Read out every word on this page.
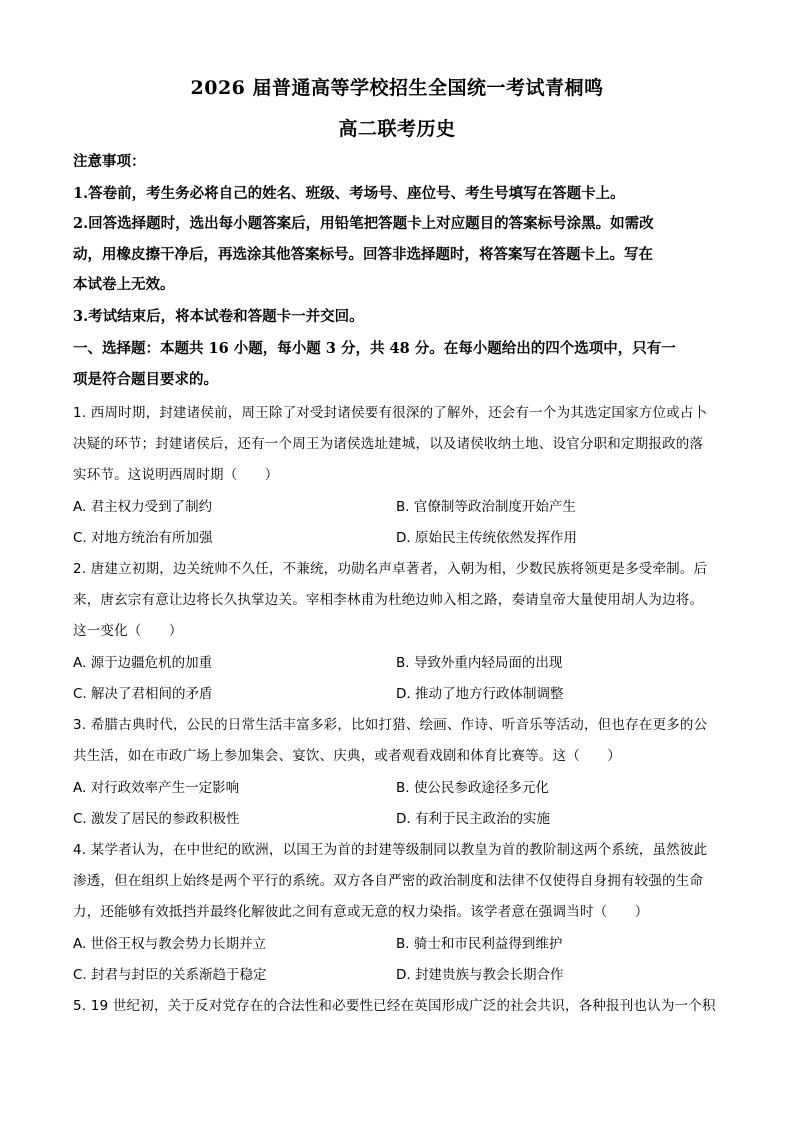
2026 届普通高等学校招生全国统一考试青桐鸣
高二联考历史
注意事项：
1.答卷前，考生务必将自己的姓名、班级、考场号、座位号、考生号填写在答题卡上。
2.回答选择题时，选出每小题答案后，用铅笔把答题卡上对应题目的答案标号涂黑。如需改
动，用橡皮擦干净后，再选涂其他答案标号。回答非选择题时，将答案写在答题卡上。写在
本试卷上无效。
3.考试结束后，将本试卷和答题卡一并交回。
一、选择题：本题共 16 小题，每小题 3 分，共 48 分。在每小题给出的四个选项中，只有一
项是符合题目要求的。
1. 西周时期，封建诸侯前，周王除了对受封诸侯要有很深的了解外，还会有一个为其选定国家方位或占卜
决疑的环节；封建诸侯后，还有一个周王为诸侯选址建城，以及诸侯收纳土地、设官分职和定期报政的落
实环节。这说明西周时期（　　）
A. 君主权力受到了制约	B. 官僚制等政治制度开始产生
C. 对地方统治有所加强	D. 原始民主传统依然发挥作用
2. 唐建立初期，边关统帅不久任，不兼统，功勋名声卓著者，入朝为相，少数民族将领更是多受牵制。后
来，唐玄宗有意让边将长久执掌边关。宰相李林甫为杜绝边帅入相之路，奏请皇帝大量使用胡人为边将。
这一变化（　　）
A. 源于边疆危机的加重	B. 导致外重内轻局面的出现
C. 解决了君相间的矛盾	D. 推动了地方行政体制调整
3. 希腊古典时代，公民的日常生活丰富多彩，比如打猎、绘画、作诗、听音乐等活动，但也存在更多的公
共生活，如在市政广场上参加集会、宴饮、庆典，或者观看戏剧和体育比赛等。这（　　）
A. 对行政效率产生一定影响	B. 使公民参政途径多元化
C. 激发了居民的参政积极性	D. 有利于民主政治的实施
4. 某学者认为，在中世纪的欧洲，以国王为首的封建等级制同以教皇为首的教阶制这两个系统，虽然彼此
渗透，但在组织上始终是两个平行的系统。双方各自严密的政治制度和法律不仅使得自身拥有较强的生命
力，还能够有效抵挡并最终化解彼此之间有意或无意的权力染指。该学者意在强调当时（　　）
A. 世俗王权与教会势力长期并立	B. 骑士和市民利益得到维护
C. 封君与封臣的关系渐趋于稳定	D. 封建贵族与教会长期合作
5. 19 世纪初，关于反对党存在的合法性和必要性已经在英国形成广泛的社会共识，各种报刊也认为一个积
